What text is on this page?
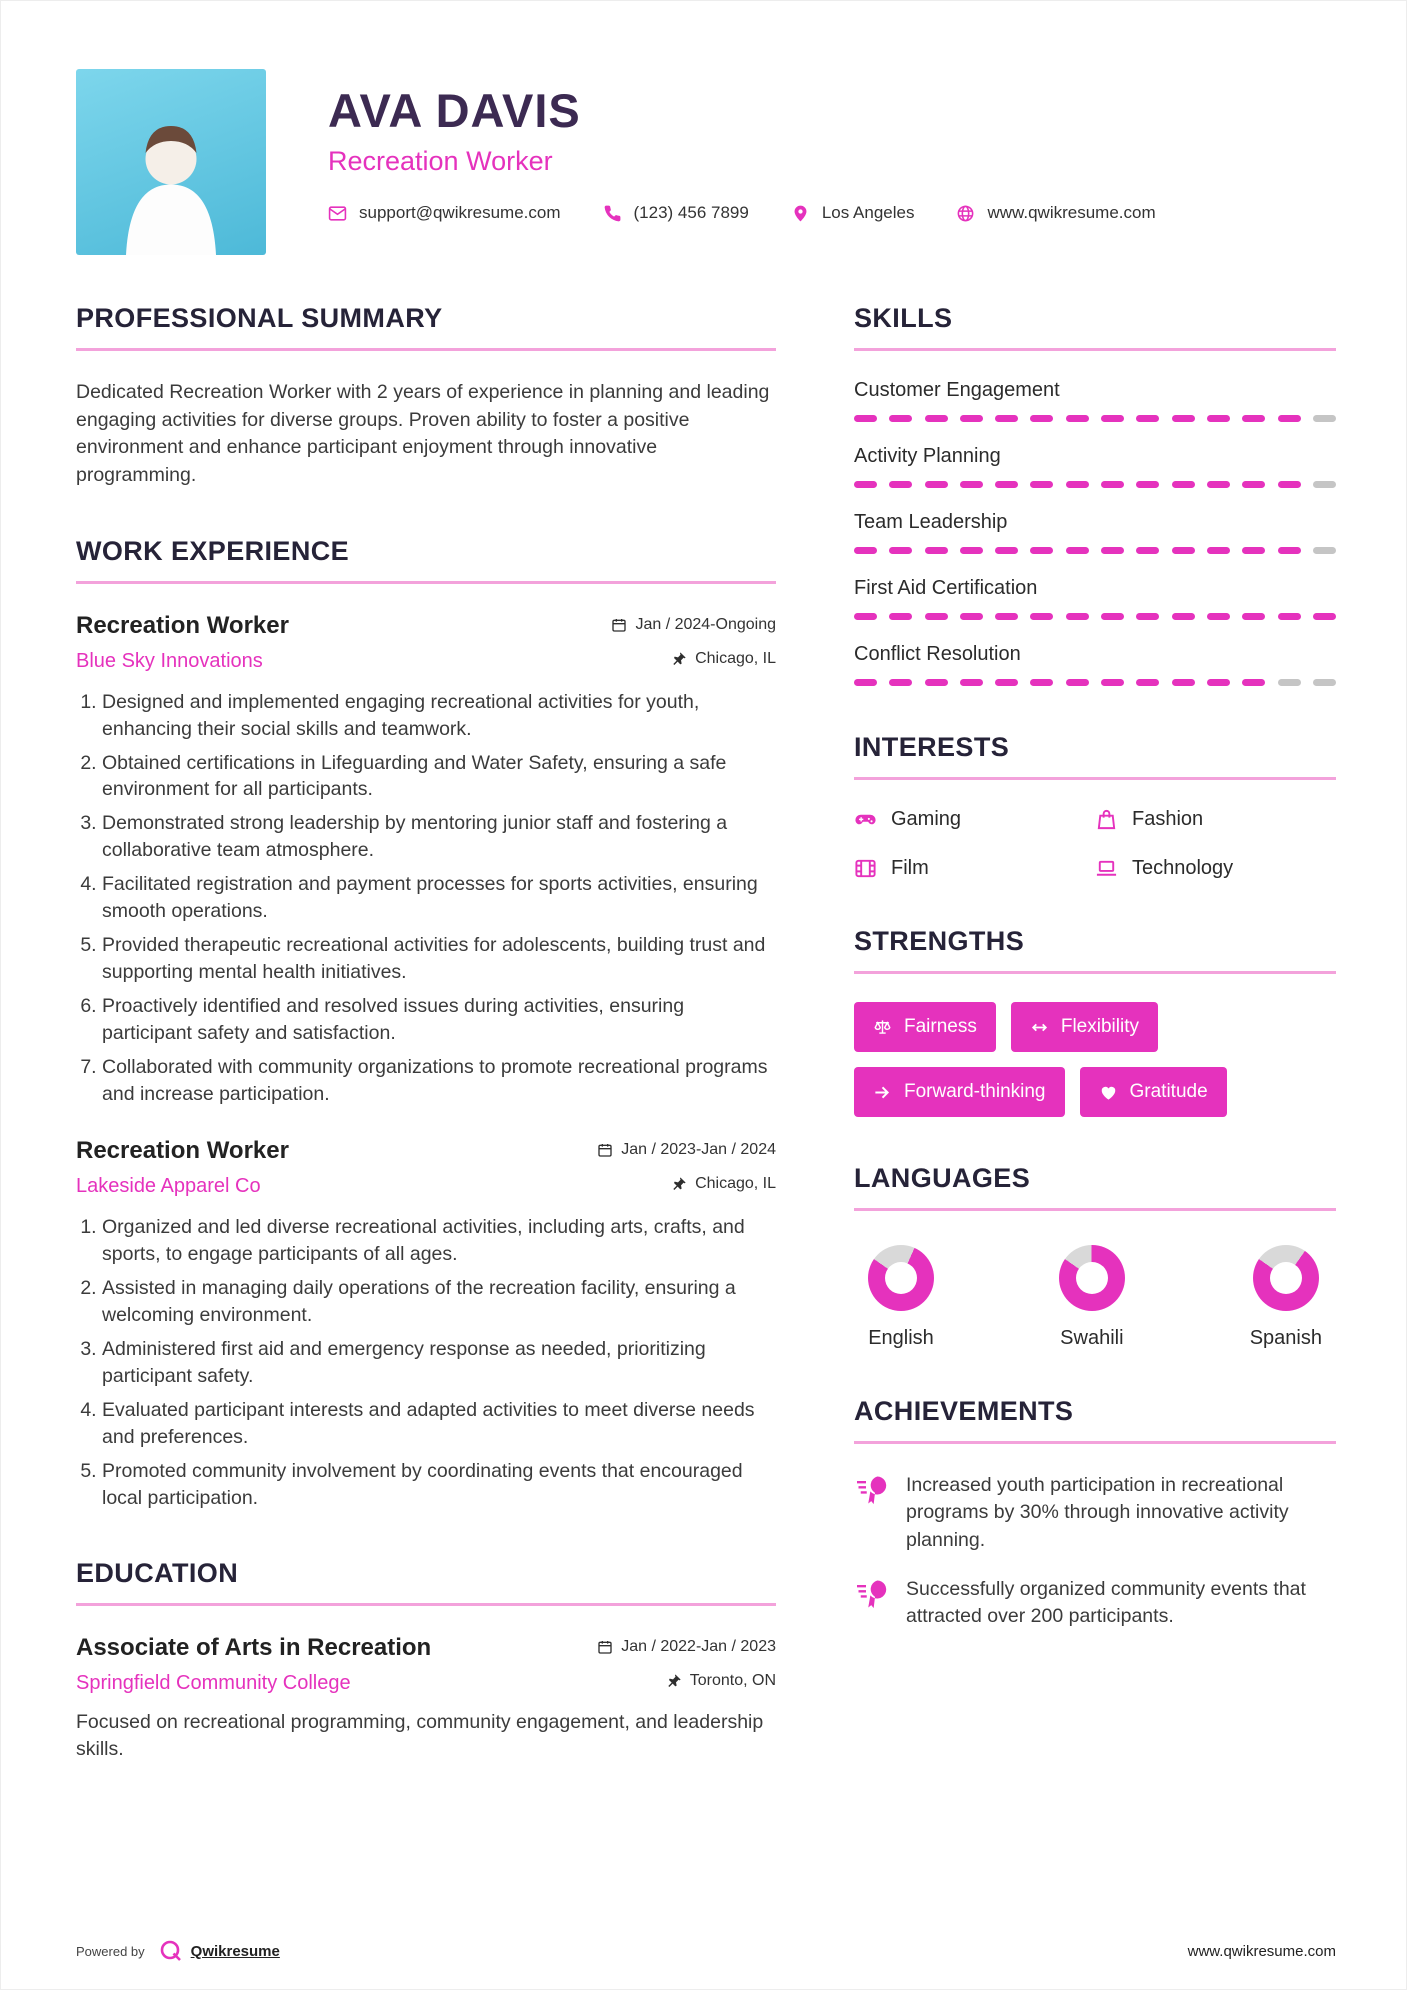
AVA DAVIS
Recreation Worker
support@qwikresume.com	(123) 456 7899	Los Angeles	www.qwikresume.com
PROFESSIONAL SUMMARY

Dedicated Recreation Worker with 2 years of experience in planning and leading engaging activities for diverse groups. Proven ability to foster a positive environment and enhance participant enjoyment through innovative programming.

WORK EXPERIENCE
Recreation Worker	Jan / 2024-Ongoing
Blue Sky Innovations	Chicago, IL
1. Designed and implemented engaging recreational activities for youth, enhancing their social skills and teamwork.
2. Obtained certifications in Lifeguarding and Water Safety, ensuring a safe environment for all participants.
3. Demonstrated strong leadership by mentoring junior staff and fostering a collaborative team atmosphere.
4. Facilitated registration and payment processes for sports activities, ensuring smooth operations.
5. Provided therapeutic recreational activities for adolescents, building trust and supporting mental health initiatives.
6. Proactively identified and resolved issues during activities, ensuring participant safety and satisfaction.
7. Collaborated with community organizations to promote recreational programs and increase participation.
Recreation Worker	Jan / 2023-Jan / 2024
Lakeside Apparel Co	Chicago, IL
1. Organized and led diverse recreational activities, including arts, crafts, and sports, to engage participants of all ages.
2. Assisted in managing daily operations of the recreation facility, ensuring a welcoming environment.
3. Administered first aid and emergency response as needed, prioritizing participant safety.
4. Evaluated participant interests and adapted activities to meet diverse needs and preferences.
5. Promoted community involvement by coordinating events that encouraged local participation.
EDUCATION
Associate of Arts in Recreation	Jan / 2022-Jan / 2023
Springfield Community College	Toronto, ON

Focused on recreational programming, community engagement, and leadership skills.

SKILLS
Customer Engagement
Activity Planning
Team Leadership
First Aid Certification
Conflict Resolution
INTERESTS
Gaming	Fashion
Film	Technology
STRENGTHS
Fairness	Flexibility
Forward-thinking	Gratitude
LANGUAGES
English	Swahili	Spanish
ACHIEVEMENTS
Increased youth participation in recreational programs by 30% through innovative activity planning.
Successfully organized community events that attracted over 200 participants.
Powered by	Qwikresume	www.qwikresume.com
